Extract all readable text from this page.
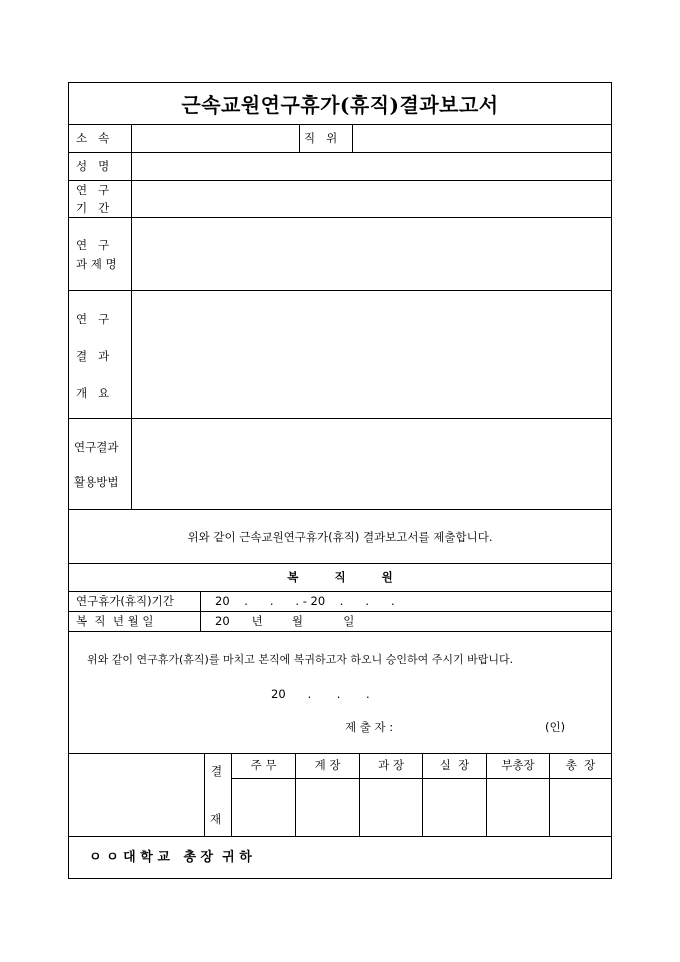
근속교원연구휴가(휴직)결과보고서
소   속	직   위
성   명
연   구
기   간
연   구
과 제 명
연   구
결   과
개   요
연구결과
활용방법
위와 같이 근속교원연구휴가(휴직) 결과보고서를 제출합니다.
복         직         원
연구휴가(휴직)기간	20    .      .      . - 20    .      .      .
복  직  년 월 일	20      년        월           일
위와 같이 연구휴가(휴직)를 마치고 본직에 복귀하고자 하오니 승인하여 주시기 바랍니다.
20      .       .       .
제 출 자 :	(인)
결
재
주 무	계 장	과 장	실  장	부총장	총  장
ㅇ ㅇ 대 학 교   총 장  귀 하
